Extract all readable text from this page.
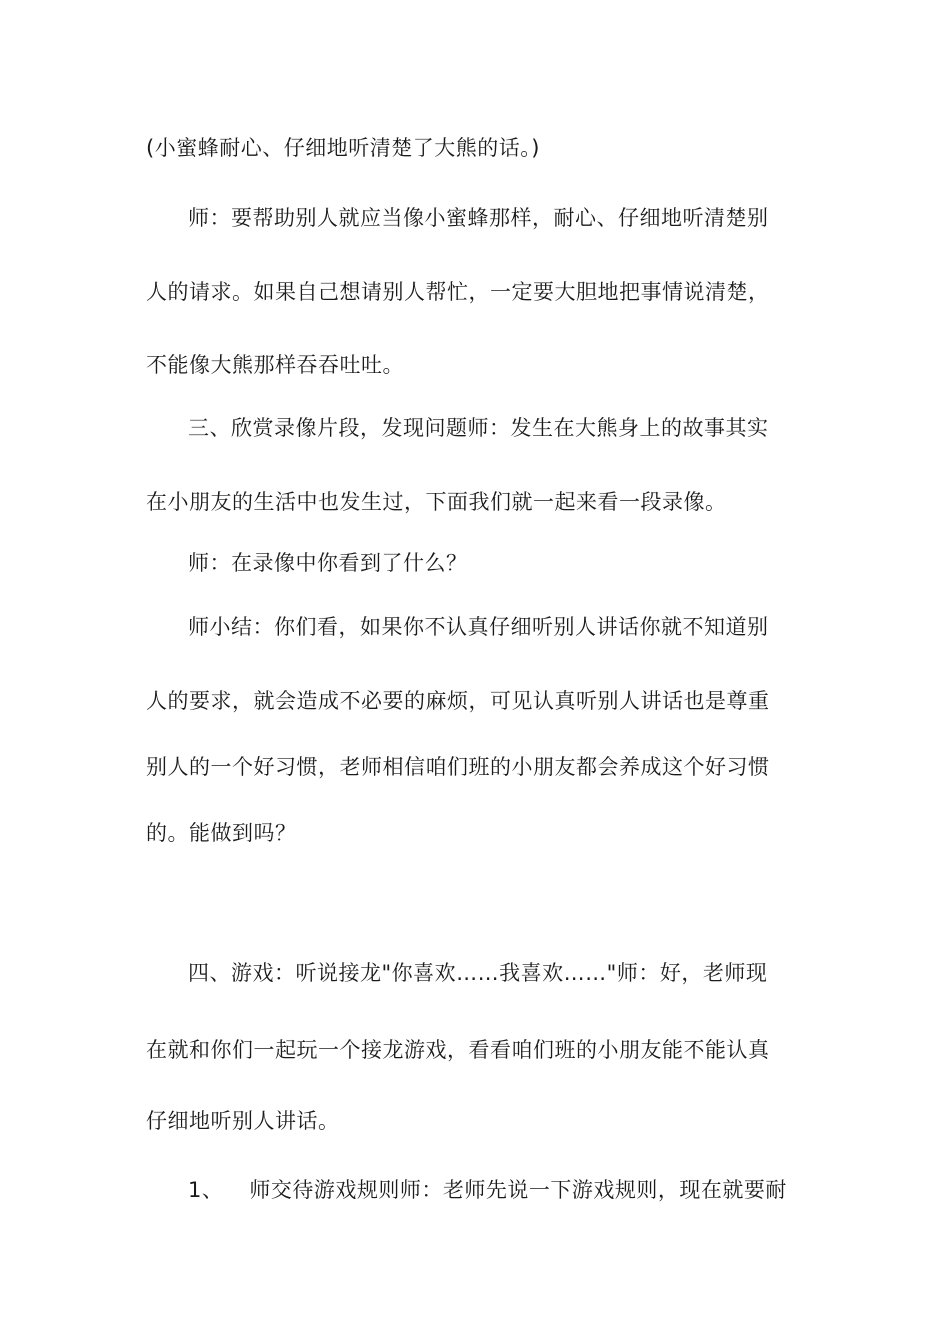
(小蜜蜂耐心、仔细地听清楚了大熊的话。)
师：要帮助别人就应当像小蜜蜂那样，耐心、仔细地听清楚别
人的请求。如果自己想请别人帮忙，一定要大胆地把事情说清楚，
不能像大熊那样吞吞吐吐。
三、欣赏录像片段，发现问题师：发生在大熊身上的故事其实
在小朋友的生活中也发生过，下面我们就一起来看一段录像。
师：在录像中你看到了什么？
师小结：你们看，如果你不认真仔细听别人讲话你就不知道别
人的要求，就会造成不必要的麻烦，可见认真听别人讲话也是尊重
别人的一个好习惯，老师相信咱们班的小朋友都会养成这个好习惯
的。能做到吗？
四、游戏：听说接龙"你喜欢……我喜欢……"师：好，老师现
在就和你们一起玩一个接龙游戏，看看咱们班的小朋友能不能认真
仔细地听别人讲话。
1、 师交待游戏规则师：老师先说一下游戏规则，现在就要耐
